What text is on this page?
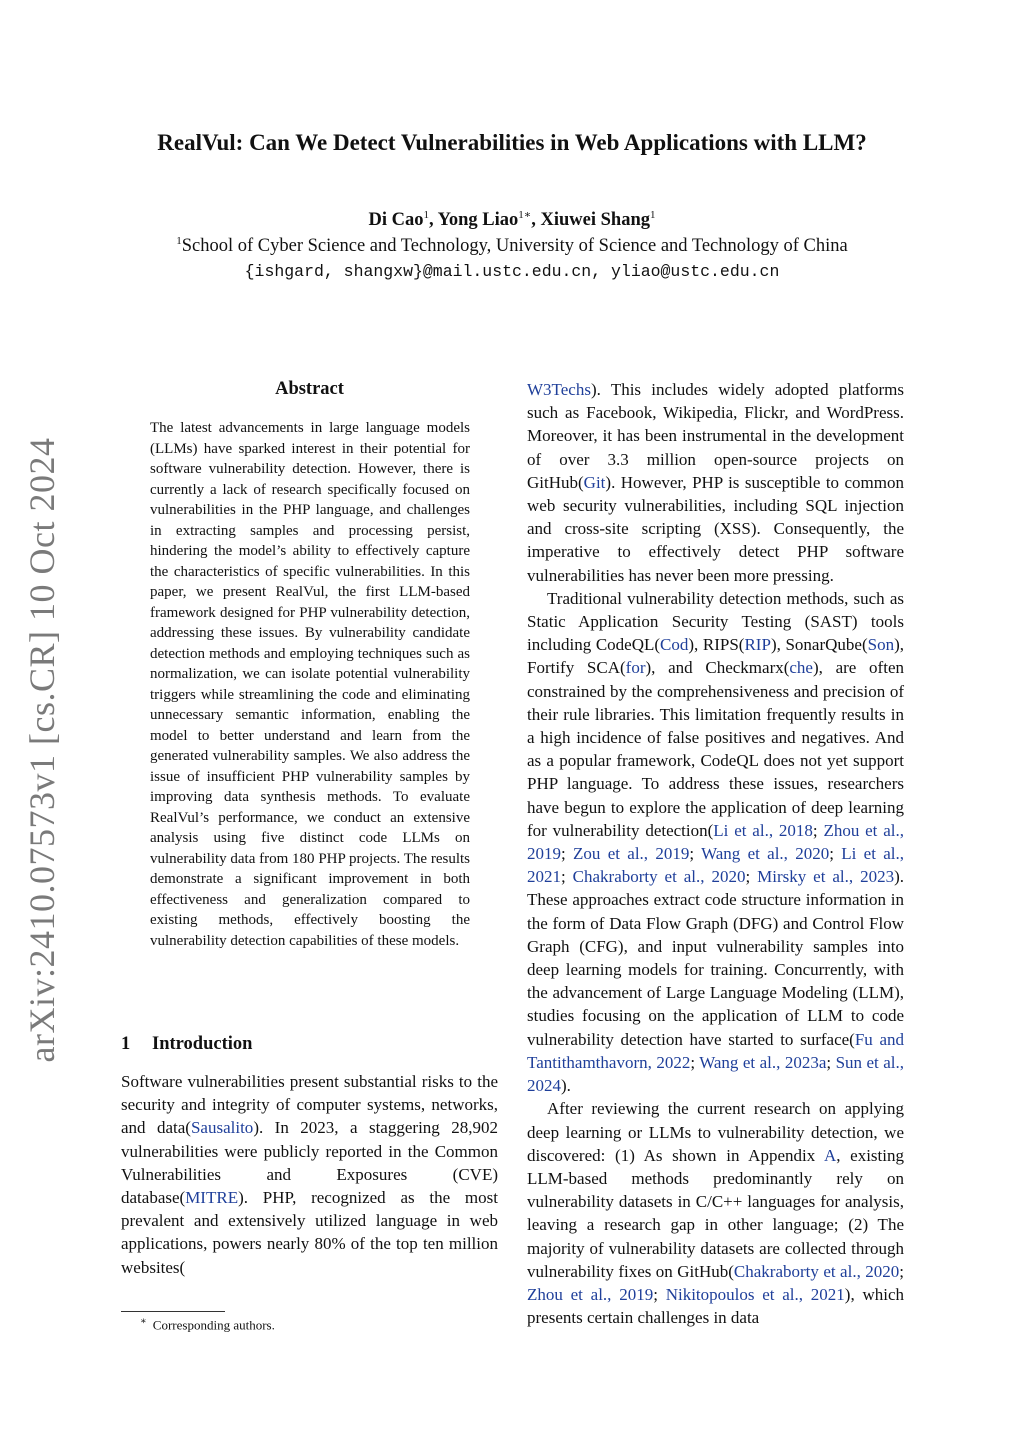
arXiv:2410.07573v1 [cs.CR] 10 Oct 2024
RealVul: Can We Detect Vulnerabilities in Web Applications with LLM?
Di Cao$^1$, Yong Liao$^{1∗}$, Xiuwei Shang$^1$
$^1$School of Cyber Science and Technology, University of Science and Technology of China
{ishgard, shangxw}@mail.ustc.edu.cn, yliao@ustc.edu.cn
Abstract
The latest advancements in large language models (LLMs) have sparked interest in their potential for software vulnerability detection. However, there is currently a lack of research specifically focused on vulnerabilities in the PHP language, and challenges in extracting samples and processing persist, hindering the model’s ability to effectively capture the characteristics of specific vulnerabilities. In this paper, we present RealVul, the first LLM-based framework designed for PHP vulnerability detection, addressing these issues. By vulnerability candidate detection methods and employing techniques such as normalization, we can isolate potential vulnerability triggers while streamlining the code and eliminating unnecessary semantic information, enabling the model to better understand and learn from the generated vulnerability samples. We also address the issue of insufficient PHP vulnerability samples by improving data synthesis methods. To evaluate RealVul’s performance, we conduct an extensive analysis using five distinct code LLMs on vulnerability data from 180 PHP projects. The results demonstrate a significant improvement in both effectiveness and generalization compared to existing methods, effectively boosting the vulnerability detection capabilities of these models.
1 Introduction

Software vulnerabilities present substantial risks to the security and integrity of computer systems, networks, and data(Sausalito). In 2023, a staggering 28,902 vulnerabilities were publicly reported in the Common Vulnerabilities and Exposures (CVE) database(MITRE). PHP, recognized as the most prevalent and extensively utilized language in web applications, powers nearly 80% of the top ten million websites(

W3Techs). This includes widely adopted platforms such as Facebook, Wikipedia, Flickr, and WordPress. Moreover, it has been instrumental in the development of over 3.3 million open-source projects on GitHub(Git). However, PHP is susceptible to common web security vulnerabilities, including SQL injection and cross-site scripting (XSS). Consequently, the imperative to effectively detect PHP software vulnerabilities has never been more pressing.

Traditional vulnerability detection methods, such as Static Application Security Testing (SAST) tools including CodeQL(Cod), RIPS(RIP), SonarQube(Son), Fortify SCA(for), and Checkmarx(che), are often constrained by the comprehensiveness and precision of their rule libraries. This limitation frequently results in a high incidence of false positives and negatives. And as a popular framework, CodeQL does not yet support PHP language. To address these issues, researchers have begun to explore the application of deep learning for vulnerability detection(Li et al., 2018; Zhou et al., 2019; Zou et al., 2019; Wang et al., 2020; Li et al., 2021; Chakraborty et al., 2020; Mirsky et al., 2023). These approaches extract code structure information in the form of Data Flow Graph (DFG) and Control Flow Graph (CFG), and input vulnerability samples into deep learning models for training. Concurrently, with the advancement of Large Language Modeling (LLM), studies focusing on the application of LLM to code vulnerability detection have started to surface(Fu and Tantithamthavorn, 2022; Wang et al., 2023a; Sun et al., 2024).

After reviewing the current research on applying deep learning or LLMs to vulnerability detection, we discovered: (1) As shown in Appendix A, existing LLM-based methods predominantly rely on vulnerability datasets in C/C++ languages for analysis, leaving a research gap in other language; (2) The majority of vulnerability datasets are collected through vulnerability fixes on GitHub(Chakraborty et al., 2020; Zhou et al., 2019; Nikitopoulos et al., 2021), which presents certain challenges in data

∗ Corresponding authors.
